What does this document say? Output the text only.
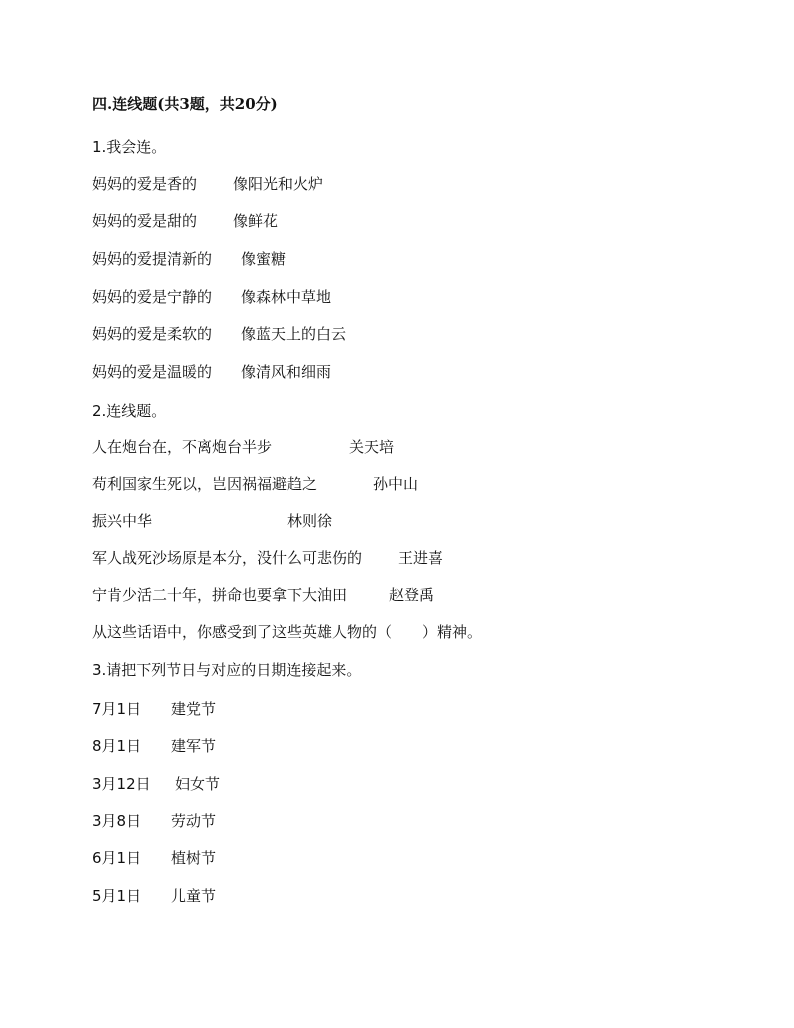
四.连线题(共3题，共20分)
1.我会连。
妈妈的爱是香的 像阳光和火炉
妈妈的爱是甜的 像鲜花
妈妈的爱提清新的 像蜜糖
妈妈的爱是宁静的 像森林中草地
妈妈的爱是柔软的 像蓝天上的白云
妈妈的爱是温暖的 像清风和细雨
2.连线题。
人在炮台在，不离炮台半步	关天培
苟利国家生死以，岂因祸福避趋之	孙中山
振兴中华	林则徐
军人战死沙场原是本分，没什么可悲伤的 王进喜
宁肯少活二十年，拼命也要拿下大油田	赵登禹
从这些话语中，你感受到了这些英雄人物的（　　）精神。
3.请把下列节日与对应的日期连接起来。
7月1日 建党节
8月1日 建军节
3月12日 妇女节
3月8日 劳动节
6月1日 植树节
5月1日 儿童节
